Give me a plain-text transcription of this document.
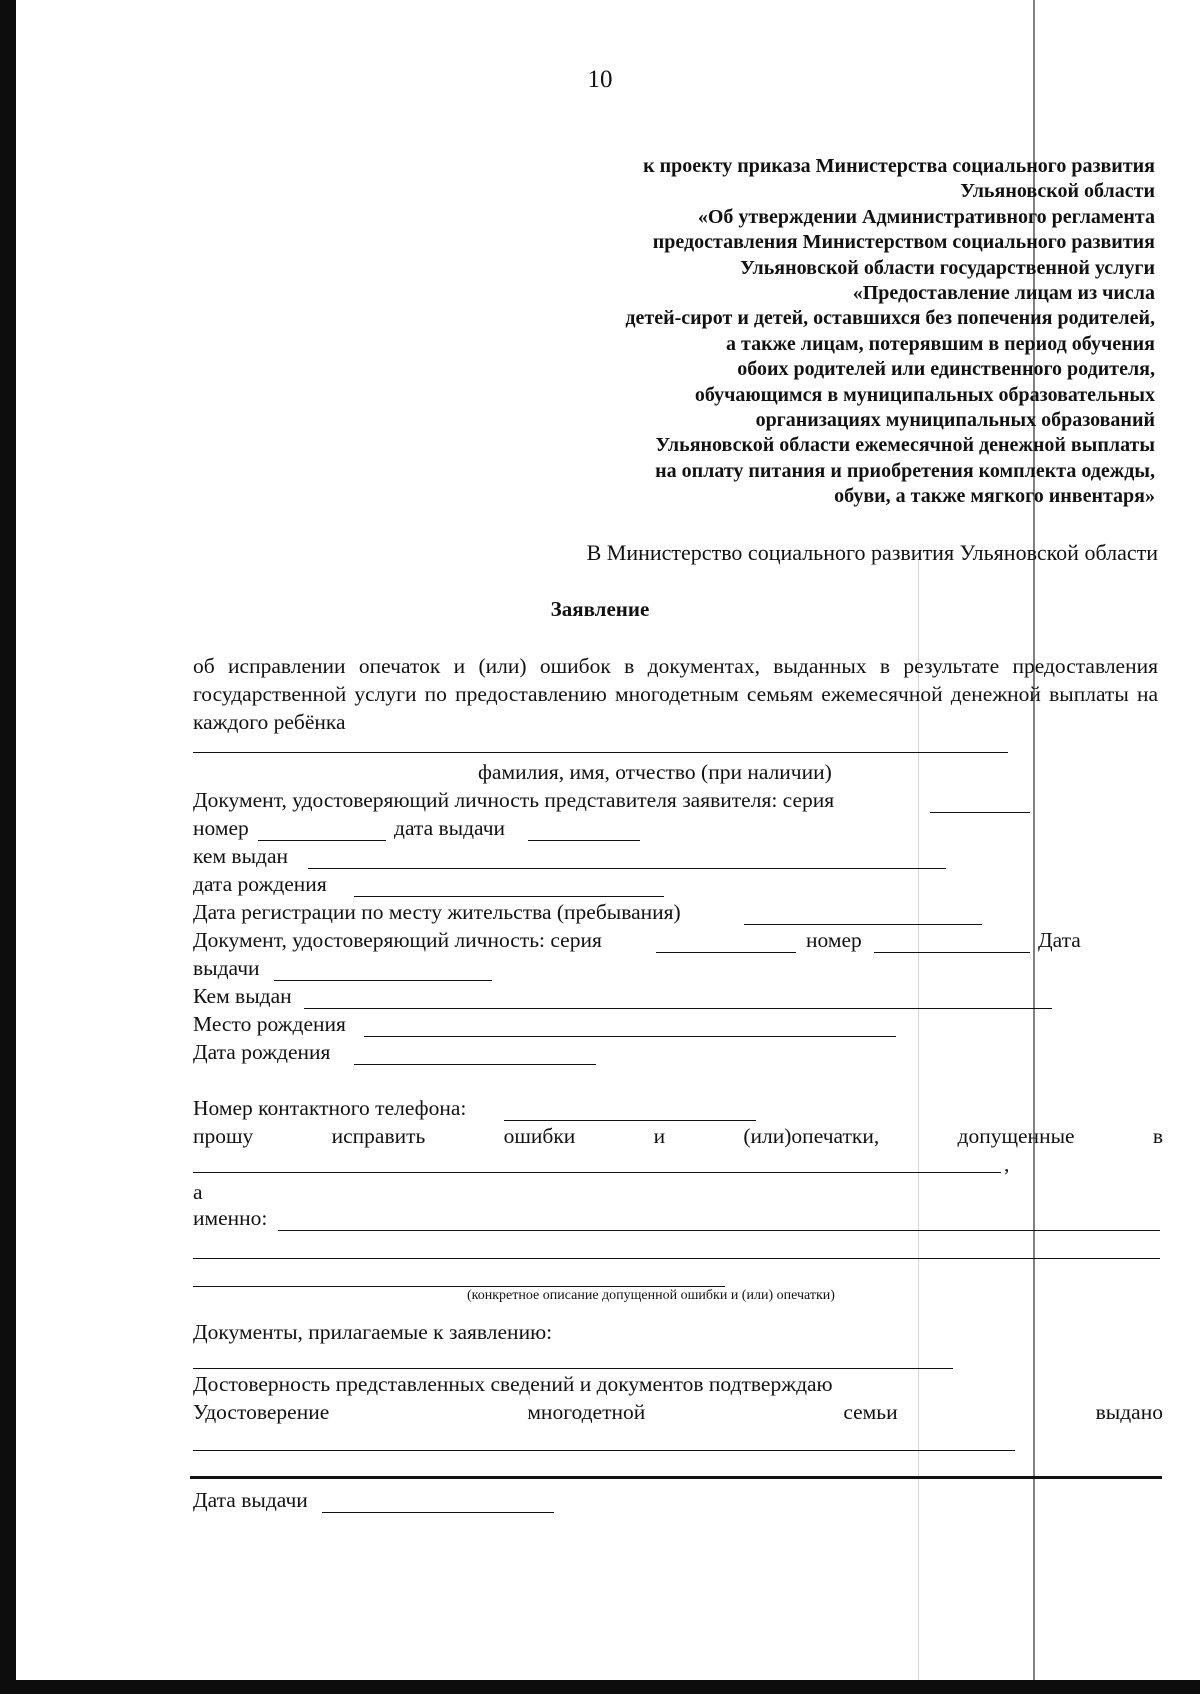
10
к проекту приказа Министерства социального развития
Ульяновской области
«Об утверждении Административного регламента
предоставления Министерством социального развития
Ульяновской области государственной услуги
«Предоставление лицам из числа
детей-сирот и детей, оставшихся без попечения родителей,
а также лицам, потерявшим в период обучения
обоих родителей или единственного родителя,
обучающимся в муниципальных образовательных
организациях муниципальных образований
Ульяновской области ежемесячной денежной выплаты
на оплату питания и приобретения комплекта одежды,
обуви, а также мягкого инвентаря»
В Министерство социального развития Ульяновской области
Заявление
об исправлении опечаток и (или) ошибок в документах, выданных в результате предоставления государственной услуги по предоставлению многодетным семьям ежемесячной денежной выплаты на каждого ребёнка
фамилия, имя, отчество (при наличии)
Документ, удостоверяющий личность представителя заявителя: серия
номер	дата выдачи
кем выдан
дата рождения
Дата регистрации по месту жительства (пребывания)
Документ, удостоверяющий личность: серия	номер	Дата
выдачи
Кем выдан
Место рождения
Дата рождения
Номер контактного телефона:
прошу	исправить	ошибки	и	(или)опечатки,	допущенные	в
,
а
именно:
(конкретное описание допущенной ошибки и (или) опечатки)
Документы, прилагаемые к заявлению:
Достоверность представленных сведений и документов подтверждаю
Удостоверение	многодетной	семьи	выдано
Дата выдачи
